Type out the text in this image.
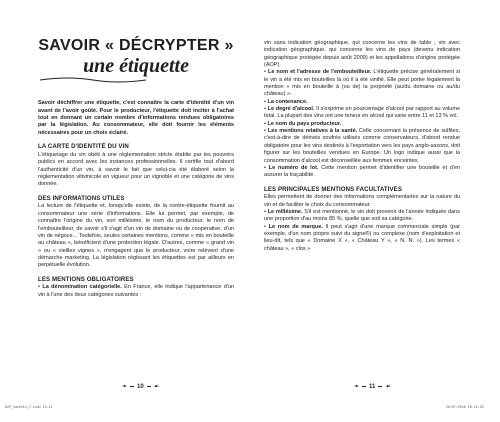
SAVOIR « DÉCRYPTER »
une étiquette

Savoir déchiffrer une étiquette, c'est connaître la carte d'identité d'un vin avant de l'avoir goûté. Pour le producteur, l'étiquette doit inciter à l'achat tout en donnant un certain nombre d'informations rendues obligatoires par la législation. Au consommateur, elle doit fournir les éléments nécessaires pour un choix éclairé.

LA CARTE D'IDENTITÉ DU VIN

L'étiquetage du vin obéit à une réglementation stricte établie par les pouvoirs publics en accord avec les instances professionnelles. Il certifie tout d'abord l'authenticité d'un vin, à savoir le fait que celui-cia été élaboré selon la réglementation vitivinicole en vigueur pour un vignoble et une catégorie de vins donnée.

DES INFORMATIONS UTILES

La lecture de l'étiquette et, lorsqu'elle existe, de la contre-étiquette fournit au consommateur une série d'informations. Elle lui permet, par exemple, de connaître l'origine du vin, son millésime, le nom du producteur, le nom de l'embouteilleur, de savoir s'il s'agit d'un vin de domaine ou de coopérative, d'un vin de négoce... Toutefois, seules certaines mentions, comme « mis en bouteille au château », bénéficient d'une protection légale. D'autres, comme « grand vin » ou « vieilles vignes », n'engagent que le producteur, voire relèvent d'une démarche marketing. La législation régissant les étiquettes est par ailleurs en perpétuelle évolution.

LES MENTIONS OBLIGATOIRES

• La dénomination catégorielle. En France, elle indique l'appartenance d'un vin à l'une des deux catégories suivantes :

❧ 10 ☙

vin sans indication géographique, qui concerne les vins de table ; vin avec indication géographique, qui concerne les vins de pays (devenu indication géographique protégée depuis août 2009) et les appellations d'origine protégée (AOP).

• Le nom et l'adresse de l'embouteilleur. L'étiquette précise généralement si le vin a été mis en bouteilles là où il a été vinifié. Elle peut porter légalement la mention « mis en bouteille à (ou de) la propriété (au/du domaine ou au/du château) ».

• La contenance.

• Le degré d'alcool. Il s'exprime en pourcentage d'alcool par rapport au volume total. La plupart des vins ont une teneur en alcool qui varie entre 11 et 13 % vol.

• Le nom du pays producteur.

• Les mentions relatives à la santé. Celle concernant la présence de sulfites, c'est-à-dire de dérivés soufrés utilisés comme conservateurs, d'abord rendue obligatoire pour les vins destinés à l'exportation vers les pays anglo-saxons, doit figurer sur les bouteilles vendues en Europe. Un logo indique aussi que la consommation d'alcool est déconseillée aux femmes enceintes.

• Le numéro de lot. Cette mention permet d'identifier une bouteille et d'en assurer la traçabilité.

LES PRINCIPALES MENTIONS FACULTATIVES

Elles permettent de donner des informations complémentaires sur la nature du vin et de faciliter le choix du consommateur.

• Le millésime. S'il est mentionné, le vin doit provenir de l'année indiquée dans une proportion d'au moins 85 %, quelle que soit sa catégorie.

• Le nom de marque. Il peut s'agir d'une marque commerciale simple (par exemple, d'un nom propre suivi du signe®) ou complexe (nom d'exploitation et lieu-dit, tels que « Domaine X », « Château Y », « N. N. »). Les termes « château », « clos »

❧ 11 ☙
AVP_CaveVin_7.indd 10-11	28/07/2016 18:16:35
